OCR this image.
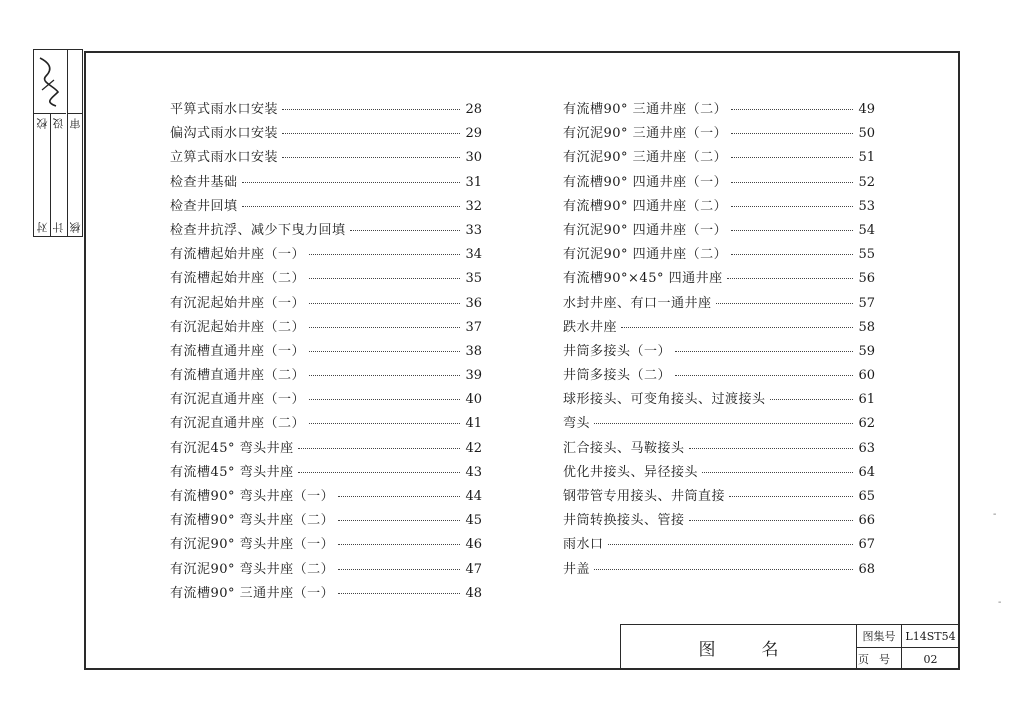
校
对
设
计
审
核
平箅式雨水口安装	28
偏沟式雨水口安装	29
立箅式雨水口安装	30
检查井基础	31
检查井回填	32
检查井抗浮、减少下曳力回填	33
有流槽起始井座（一）	34
有流槽起始井座（二）	35
有沉泥起始井座（一）	36
有沉泥起始井座（二）	37
有流槽直通井座（一）	38
有流槽直通井座（二）	39
有沉泥直通井座（一）	40
有沉泥直通井座（二）	41
有沉泥45° 弯头井座	42
有流槽45° 弯头井座	43
有流槽90° 弯头井座（一）	44
有流槽90° 弯头井座（二）	45
有沉泥90° 弯头井座（一）	46
有沉泥90° 弯头井座（二）	47
有流槽90° 三通井座（一）	48
有流槽90° 三通井座（二）	49
有沉泥90° 三通井座（一）	50
有沉泥90° 三通井座（二）	51
有流槽90° 四通井座（一）	52
有流槽90° 四通井座（二）	53
有沉泥90° 四通井座（一）	54
有沉泥90° 四通井座（二）	55
有流槽90°×45° 四通井座	56
水封井座、有口一通井座	57
跌水井座	58
井筒多接头（一）	59
井筒多接头（二）	60
球形接头、可变角接头、过渡接头	61
弯头	62
汇合接头、马鞍接头	63
优化井接头、异径接头	64
钢带管专用接头、井筒直接	65
井筒转换接头、管接	66
雨水口	67
井盖	68
图名
图集号 L14ST54
页号	02
-
-
